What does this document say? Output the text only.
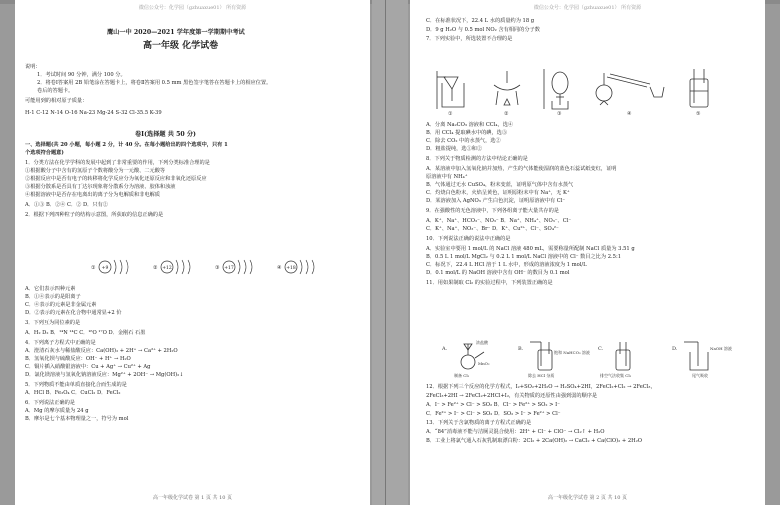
微信公众号：化学园（gzhuaxue01） 所有资源
鹰山一中 2020—2021 学年度第一学期期中考试
高一年级 化学试卷
说明：
1．考试时间 90 分钟，满分 100 分。
2．将卷Ⅰ答案用 2B 铅笔涂在答题卡上，将卷Ⅱ答案用 0.5 mm 黑色签字笔答在答题卡上的相应位置。
卷后的答题卡。
可能用到的相对原子质量：
H-1 C-12 N-14 O-16 Na-23 Mg-24 S-32 Cl-35.5 K-39
卷Ⅰ(选择题 共 50 分)
一、选择题(共 20 小题，每小题 2 分，计 40 分。在每小题给出的四个选项中，只有 1
个选项符合题意)
1．分类方法在化学学科的发展中起到了非常重要的作用，下列分类标准合理的是
①根据酸分子中含有的氢原子个数将酸分为一元酸、二元酸等
②根据反应中是否有电子的转移将化学反应分为氧化还原反应和非氧化还原反应
③根据分散系是否具有丁达尔现象将分散系分为溶液、胶体和浊液
④根据溶液中是否存在电离出的离子分为电解质和非电解质
A．①③ B．②④ C．② D．只有②
2．根据下列四种粒子的结构示意图，所获取的信息正确的是
A．它们表示四种元素
B．①④表示的是阳离子
C．④表示的元素是非金属元素
D．②表示的元素在化合物中通常显+2 价
3．下列互为同位素的是
A．H₂ D₂ B．¹⁴N ¹⁴C C．¹⁶O ¹⁷O D．金刚石 石墨
4．下列离子方程式中正确的是
A．澄清石灰水与稀盐酸反应：Ca(OH)₂ + 2H⁺ → Ca²⁺ + 2H₂O
B．氢氧化钡与硫酸反应：OH⁻ + H⁺ → H₂O
C．铜片插入硝酸银溶液中：Cu + Ag⁺ → Cu²⁺ + Ag
D．氯化镁溶液与氢氧化钠溶液反应：Mg²⁺ + 2OH⁻ → Mg(OH)₂↓
5．下列物质不能由单质直接化合而生成的是
A．HCl B．Fe₃O₄ C．CuCl₂ D．FeCl₂
6．下列说法正确的是
A．Mg 的摩尔质量为 24 g
B．摩尔是七个基本物理量之一，符号为 mol
+9
①	+12
②	+17
③	+18
④
高一年级化学试卷 第 1 页 共 10 页
微信公众号：化学园（gzhuaxue01） 所有资源
C．在标准状况下，22.4 L 水的质量约为 18 g
D．9 g H₂O 与 0.5 mol NO₂ 含有相同的分子数
7．下列实验中，所选装置不合理的是
①	②	③	④	⑤
A．分离 Na₂CO₃ 溶液和 CCl₄，选④
B．用 CCl₄ 提取碘水中的碘，选③
C．除去 CO₂ 中的水蒸气，选②
D．粗盐提纯，选①和②
8．下列关于物质检测的方法中结论正确的是
A．某溶液中加入氢氧化钠并加热，产生的气体能使湿润的蓝色石蕊试纸变红，证明
原溶液中有 NH₄⁺
B．气体通过无水 CuSO₄，粉末变蓝，证明原气体中含有水蒸气
C．灼烧白色粉末，火焰呈黄色，证明原粉末中有 Na⁺，无 K⁺
D．某溶液加入 AgNO₃ 产生白色沉淀，证明原溶液中有 Cl⁻
9．在强酸性的无色溶液中，下列各组离子能大量共存的是
A．K⁺、Na⁺、HCO₃⁻、NO₃⁻ B．Na⁺、NH₄⁺、NO₃⁻、Cl⁻
C．K⁺、Na⁺、NO₃⁻、Br⁻ D．K⁺、Cu²⁺、Cl⁻、SO₄²⁻
10．下列说法正确的说法中正确的是
A．实验室中要用 1 mol/L 的 NaCl 溶液 480 mL，需要称量所配制 NaCl 质量为 3.51 g
B．0.5 L 1 mol/L MgCl₂ 与 0.2 L 1 mol/L NaCl 溶液中的 Cl⁻ 数目之比为 2.5:1
C．标况下，22.4 L HCl 溶于 1 L 水中，形成的溶液浓度为 1 mol/L
D．0.1 mol/L 的 NaOH 溶液中含有 OH⁻ 的数目为 0.1 mol
11．用如果制取 Cl₂ 的实验过程中，下列装置正确的是
A.	B.	C.	D.
浓盐酸
MnO₂
饱和 NaHCO₃ 溶液
NaOH 溶液
制备 Cl₂	除去 HCl 杂质	排空气法收集 Cl₂	尾气吸收
12．根据下列三个反应的化学方程式，I₂+SO₂+2H₂O → H₂SO₄+2HI，2FeCl₂+Cl₂ → 2FeCl₃，
2FeCl₃+2HI → 2FeCl₂+2HCl+I₂，有关物质的还原性由强到弱的顺序是
A．I⁻ > Fe²⁺ > Cl⁻ > SO₂ B．Cl⁻ > Fe²⁺ > SO₂ > I⁻
C．Fe²⁺ > I⁻ > Cl⁻ > SO₂ D．SO₂ > I⁻ > Fe²⁺ > Cl⁻
13．下列关于含氯物质的离子方程式正确的是
A．“84”消毒液不能与洁厕灵混合使用：2H⁺ + Cl⁻ + ClO⁻ → Cl₂↑ + H₂O
B．工业上将氯气通入石灰乳制取漂白粉：2Cl₂ + 2Ca(OH)₂ → CaCl₂ + Ca(ClO)₂ + 2H₂O
高一年级化学试卷 第 2 页 共 10 页
